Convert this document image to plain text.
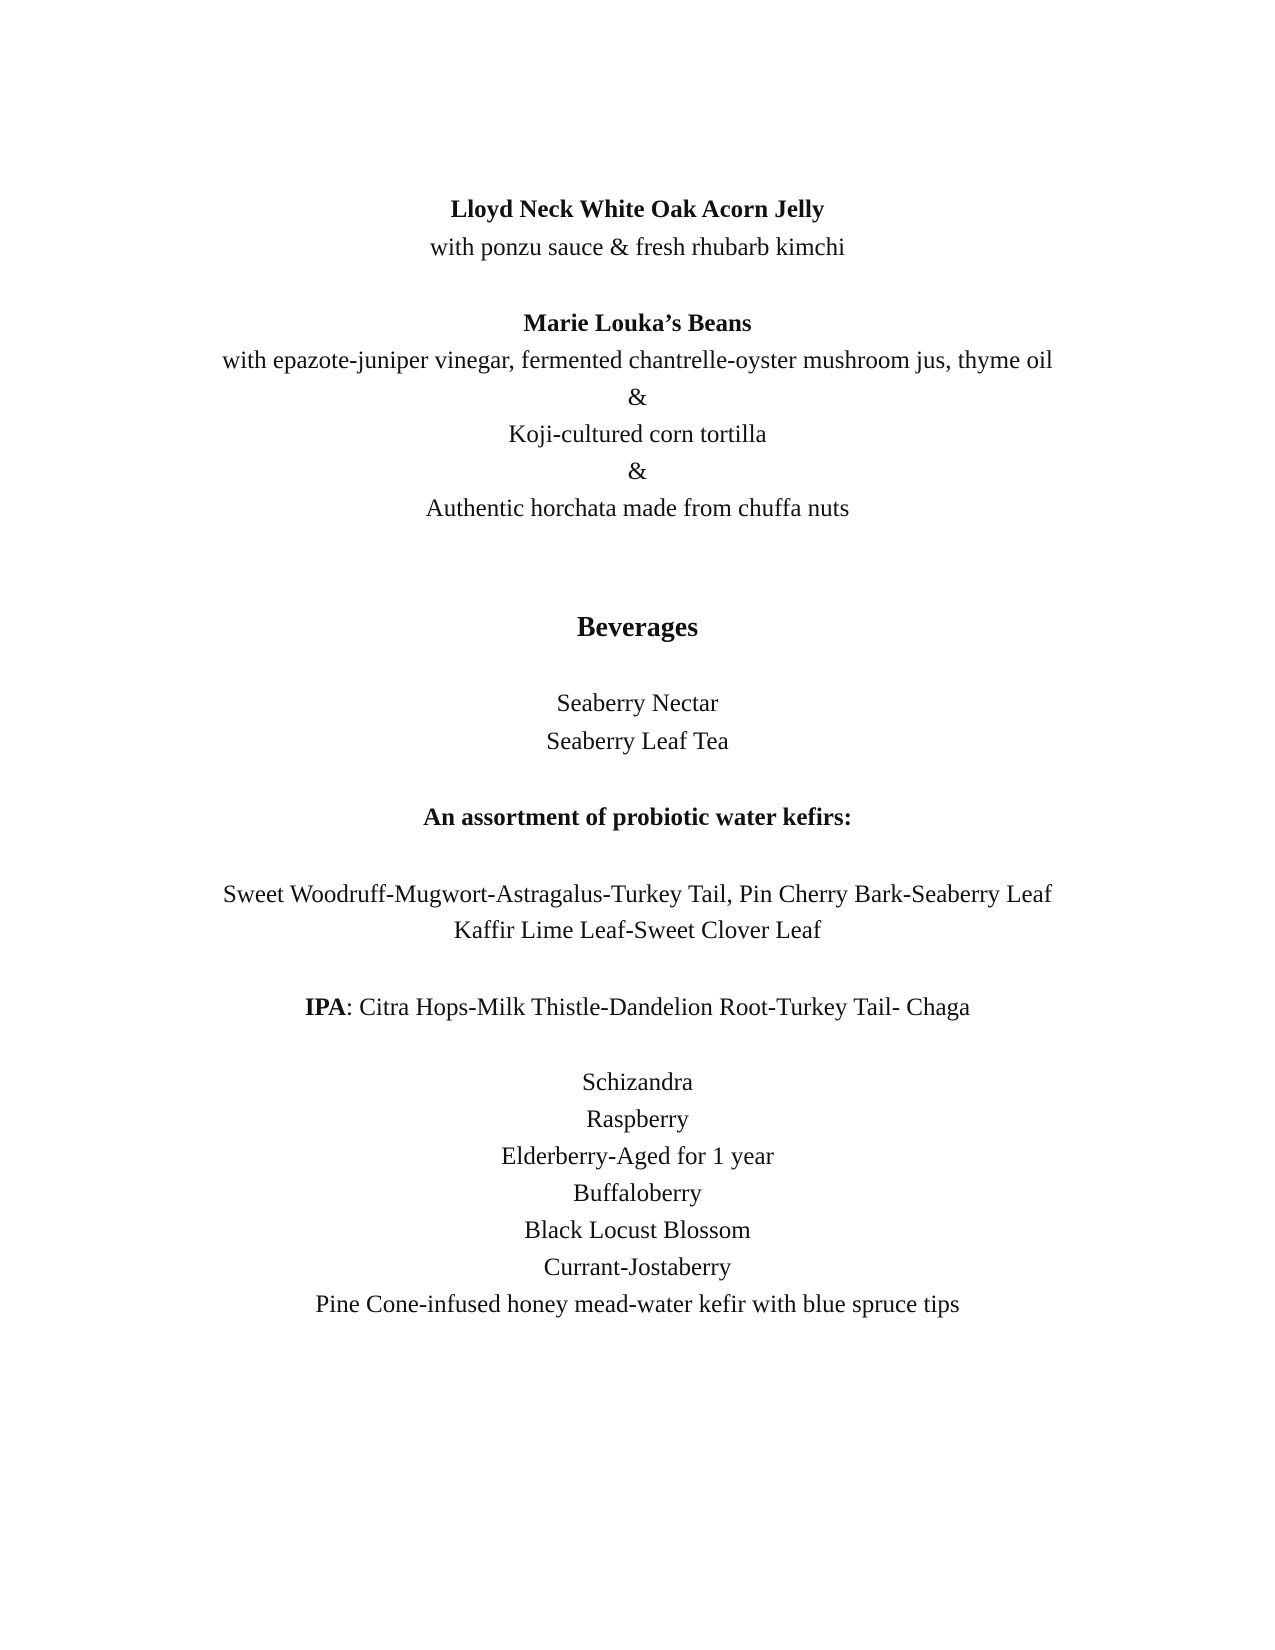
Lloyd Neck White Oak Acorn Jelly
with ponzu sauce & fresh rhubarb kimchi
Marie Louka’s Beans
with epazote-juniper vinegar, fermented chantrelle-oyster mushroom jus, thyme oil
&
Koji-cultured corn tortilla
&
Authentic horchata made from chuffa nuts
Beverages
Seaberry Nectar
Seaberry Leaf Tea
An assortment of probiotic water kefirs:
Sweet Woodruff-Mugwort-Astragalus-Turkey Tail, Pin Cherry Bark-Seaberry Leaf
Kaffir Lime Leaf-Sweet Clover Leaf
IPA: Citra Hops-Milk Thistle-Dandelion Root-Turkey Tail- Chaga
Schizandra
Raspberry
Elderberry-Aged for 1 year
Buffaloberry
Black Locust Blossom
Currant-Jostaberry
Pine Cone-infused honey mead-water kefir with blue spruce tips
